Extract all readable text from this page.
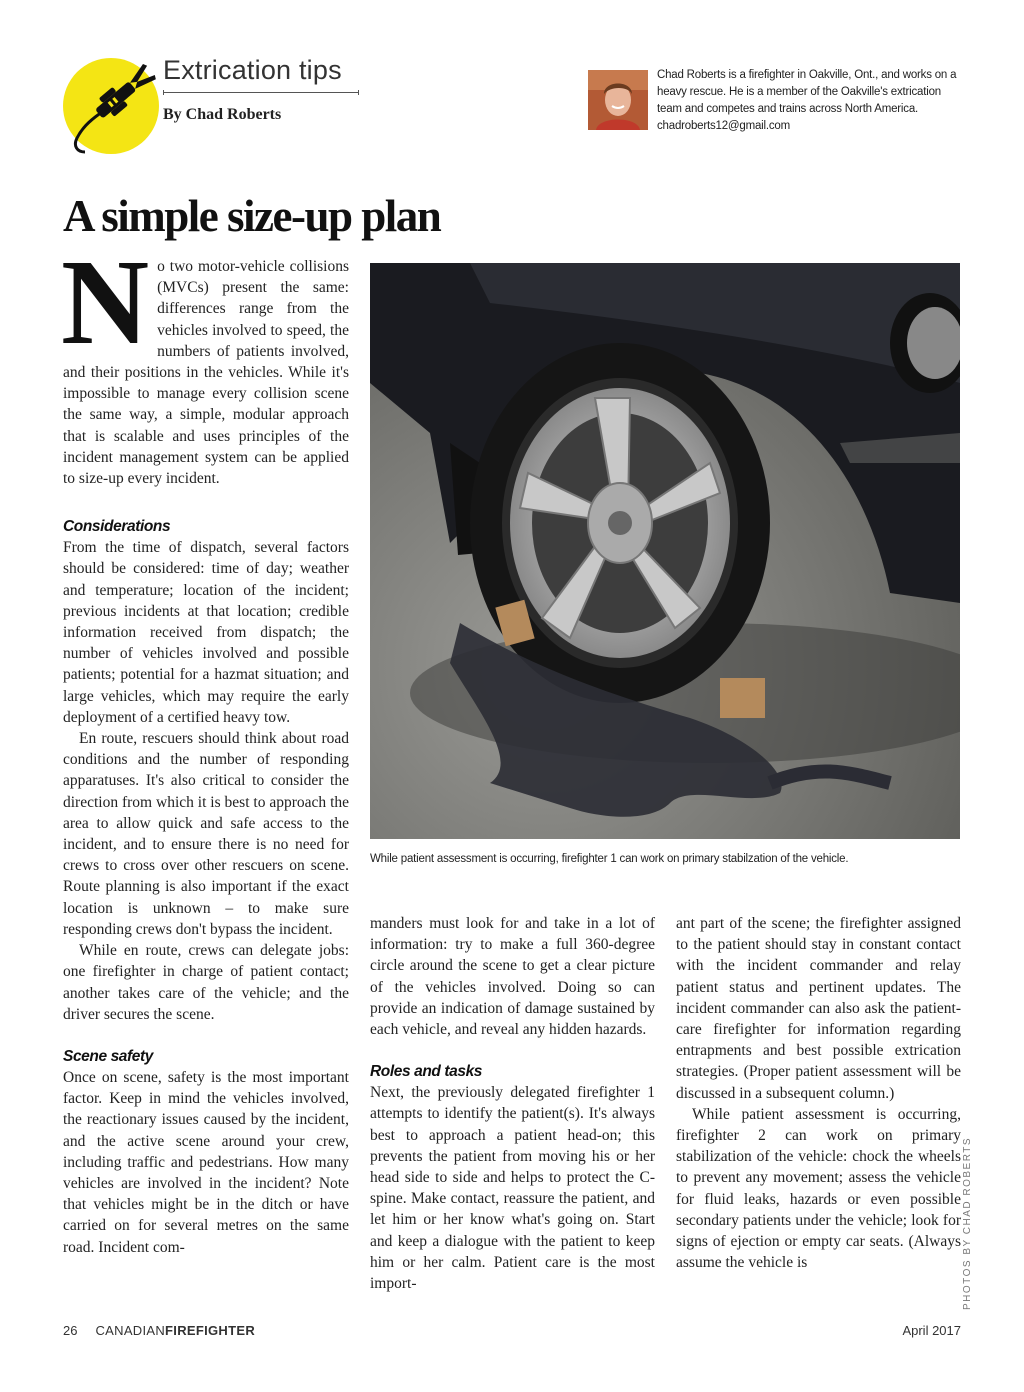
Extrication tips
By Chad Roberts
Chad Roberts is a firefighter in Oakville, Ont., and works on a heavy rescue. He is a member of the Oakville's extrication team and competes and trains across North America. chadroberts12@gmail.com
A simple size-up plan
N o two motor-vehicle collisions (MVCs) present the same: differences range from the vehicles involved to speed, the numbers of patients involved, and their positions in the vehicles. While it's impossible to manage every collision scene the same way, a simple, modular approach that is scalable and uses principles of the incident management system can be applied to size-up every incident.

Considerations

From the time of dispatch, several factors should be considered: time of day; weather and temperature; location of the incident; previous incidents at that location; credible information received from dispatch; the number of vehicles involved and possible patients; potential for a hazmat situation; and large vehicles, which may require the early deployment of a certified heavy tow.

En route, rescuers should think about road conditions and the number of responding apparatuses. It's also critical to consider the direction from which it is best to approach the area to allow quick and safe access to the incident, and to ensure there is no need for crews to cross over other rescuers on scene. Route planning is also important if the exact location is unknown – to make sure responding crews don't bypass the incident.

While en route, crews can delegate jobs: one firefighter in charge of patient contact; another takes care of the vehicle; and the driver secures the scene.

Scene safety

Once on scene, safety is the most important factor. Keep in mind the vehicles involved, the reactionary issues caused by the incident, and the active scene around your crew, including traffic and pedestrians. How many vehicles are involved in the incident? Note that vehicles might be in the ditch or have carried on for several metres on the same road. Incident com-

While patient assessment is occurring, firefighter 1 can work on primary stabilzation of the vehicle.

manders must look for and take in a lot of information: try to make a full 360-degree circle around the scene to get a clear picture of the vehicles involved. Doing so can provide an indication of damage sustained by each vehicle, and reveal any hidden hazards.

Roles and tasks

Next, the previously delegated firefighter 1 attempts to identify the patient(s). It's always best to approach a patient head-on; this prevents the patient from moving his or her head side to side and helps to protect the C-spine. Make contact, reassure the patient, and let him or her know what's going on. Start and keep a dialogue with the patient to keep him or her calm. Patient care is the most import-

ant part of the scene; the firefighter assigned to the patient should stay in constant contact with the incident commander and relay patient status and pertinent updates. The incident commander can also ask the patient-care firefighter for information regarding entrapments and best possible extrication strategies. (Proper patient assessment will be discussed in a subsequent column.)

While patient assessment is occurring, firefighter 2 can work on primary stabilization of the vehicle: chock the wheels to prevent any movement; assess the vehicle for fluid leaks, hazards or even possible secondary patients under the vehicle; look for signs of ejection or empty car seats. (Always assume the vehicle is	PHOTOS BY CHAD ROBERTS
26 CANADIANFIREFIGHTER	April 2017
